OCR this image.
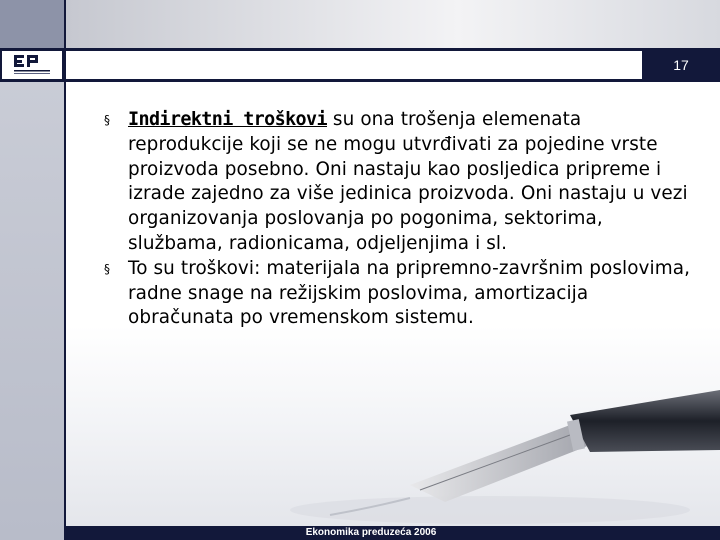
17
§ Indirektni troškovi su ona trošenja elemenata reprodukcije koji se ne mogu utvrđivati za pojedine vrste proizvoda posebno. Oni nastaju kao posljedica pripreme i izrade zajedno za više jedinica proizvoda. Oni nastaju u vezi organizovanja poslovanja po pogonima, sektorima, službama, radionicama, odjeljenjima i sl.
§ To su troškovi: materijala na pripremno-završnim poslovima, radne snage na režijskim poslovima, amortizacija obračunata po vremenskom sistemu.
Ekonomika preduzeća 2006
